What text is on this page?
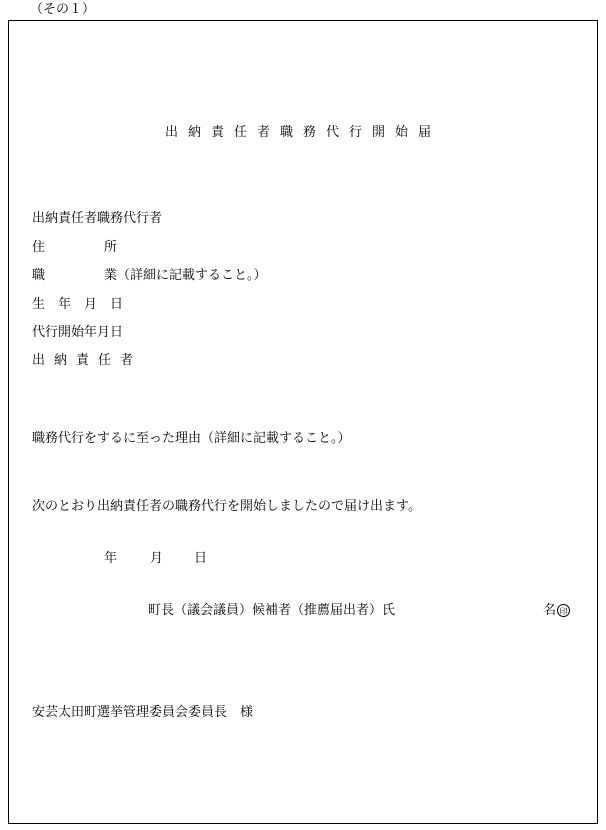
（その１）
出納責任者職務代行開始届
出納責任者職務代行者
住	所
職	業（詳細に記載すること。）
生　年　月　日
代行開始年月日
出納責任者
職務代行をするに至った理由（詳細に記載すること。）
次のとおり出納責任者の職務代行を開始しましたので届け出ます。
年	月 日
町長（議会議員）候補者（推薦届出者）氏	名 印
安芸太田町選挙管理委員会委員長　様
